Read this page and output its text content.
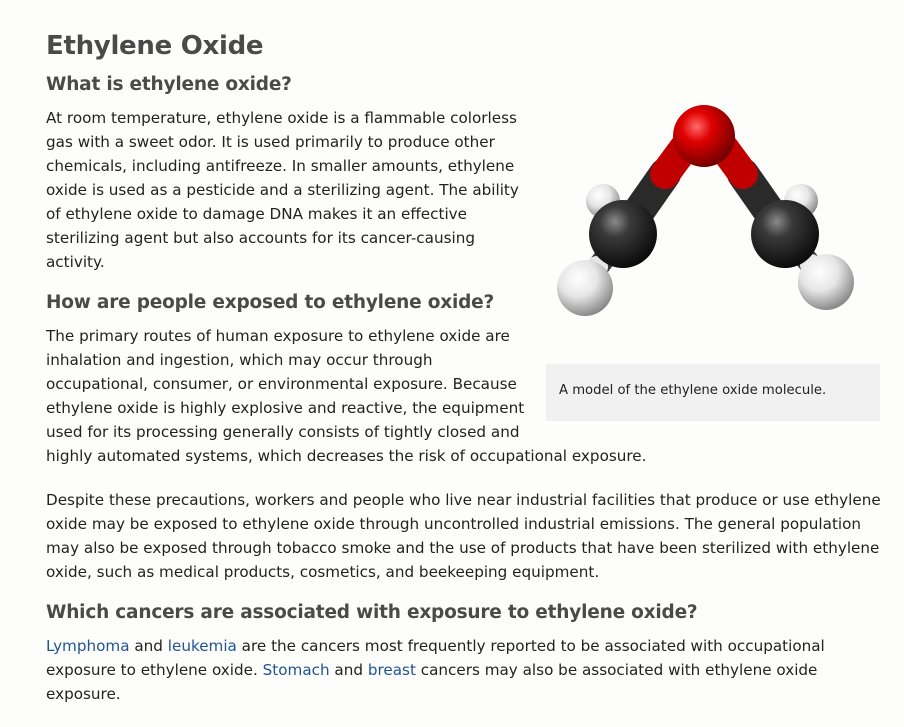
Ethylene Oxide
What is ethylene oxide?
A model of the ethylene oxide molecule.

At room temperature, ethylene oxide is a flammable colorless gas with a sweet odor. It is used primarily to produce other chemicals, including antifreeze. In smaller amounts, ethylene oxide is used as a pesticide and a sterilizing agent. The ability of ethylene oxide to damage DNA makes it an effective sterilizing agent but also accounts for its cancer-causing activity.

How are people exposed to ethylene oxide?

The primary routes of human exposure to ethylene oxide are inhalation and ingestion, which may occur through occupational, consumer, or environmental exposure. Because ethylene oxide is highly explosive and reactive, the equipment used for its processing generally consists of tightly closed and highly automated systems, which decreases the risk of occupational exposure.

Despite these precautions, workers and people who live near industrial facilities that produce or use ethylene oxide may be exposed to ethylene oxide through uncontrolled industrial emissions. The general population may also be exposed through tobacco smoke and the use of products that have been sterilized with ethylene oxide, such as medical products, cosmetics, and beekeeping equipment.

Which cancers are associated with exposure to ethylene oxide?

Lymphoma and leukemia are the cancers most frequently reported to be associated with occupational exposure to ethylene oxide. Stomach and breast cancers may also be associated with ethylene oxide exposure.
